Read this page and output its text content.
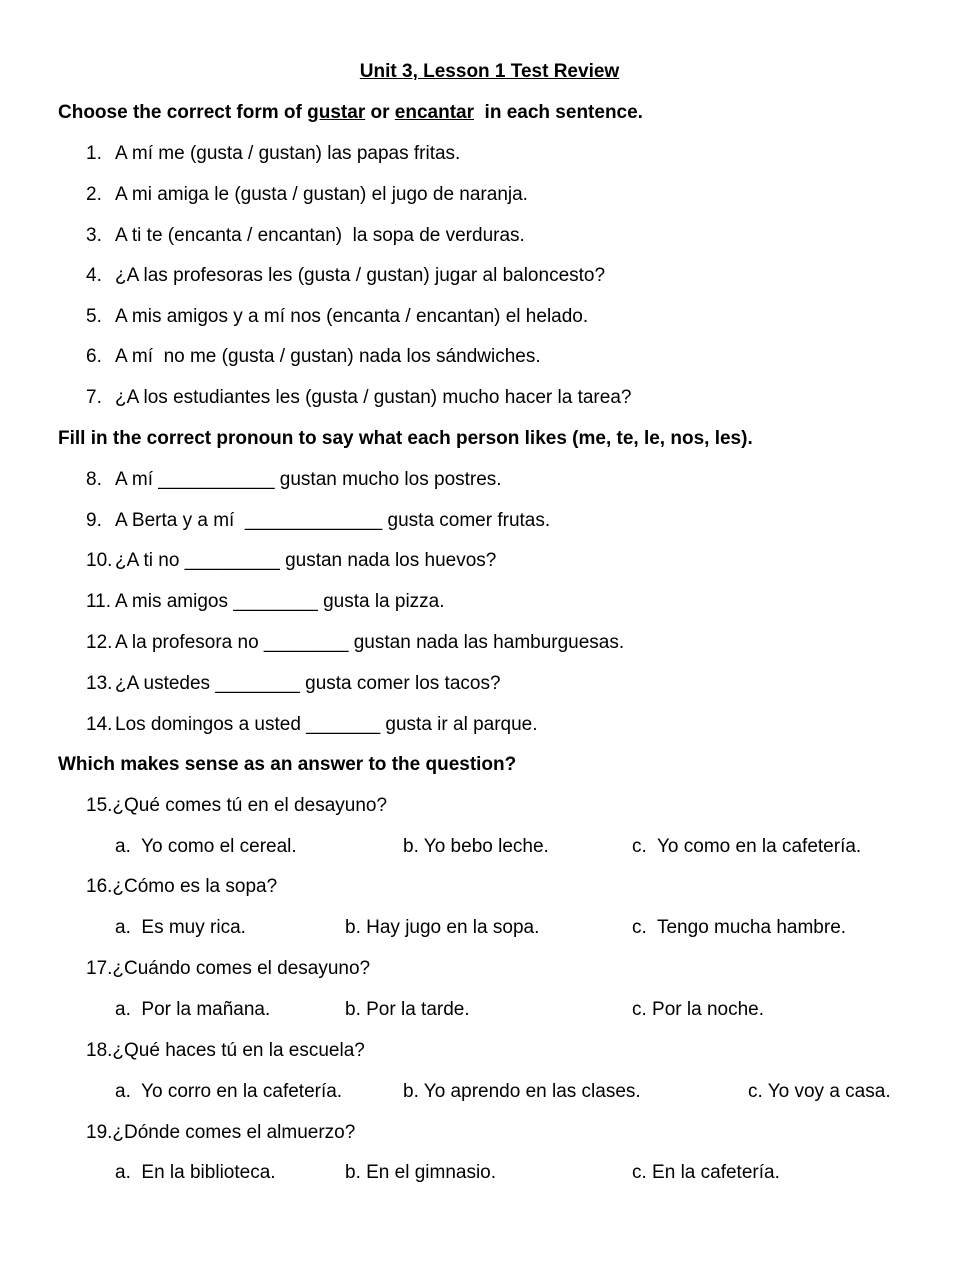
Unit 3, Lesson 1 Test Review
Choose the correct form of gustar or encantar  in each sentence.
1. A mí me (gusta / gustan) las papas fritas.
2. A mi amiga le (gusta / gustan) el jugo de naranja.
3. A ti te (encanta / encantan)  la sopa de verduras.
4. ¿A las profesoras les (gusta / gustan) jugar al baloncesto?
5. A mis amigos y a mí nos (encanta / encantan) el helado.
6. A mí  no me (gusta / gustan) nada los sándwiches.
7. ¿A los estudiantes les (gusta / gustan) mucho hacer la tarea?
Fill in the correct pronoun to say what each person likes (me, te, le, nos, les).
8. A mí ___________ gustan mucho los postres.
9. A Berta y a mí  _____________ gusta comer frutas.
10. ¿A ti no _________ gustan nada los huevos?
11. A mis amigos ________ gusta la pizza.
12. A la profesora no ________ gustan nada las hamburguesas.
13. ¿A ustedes ________ gusta comer los tacos?
14. Los domingos a usted _______ gusta ir al parque.
Which makes sense as an answer to the question?
15.¿Qué comes tú en el desayuno?
a.  Yo como el cereal.	b. Yo bebo leche.	c.  Yo como en la cafetería.
16.¿Cómo es la sopa?
a.  Es muy rica.	b. Hay jugo en la sopa.	c.  Tengo mucha hambre.
17.¿Cuándo comes el desayuno?
a.  Por la mañana.	b. Por la tarde.	c. Por la noche.
18.¿Qué haces tú en la escuela?
a.  Yo corro en la cafetería.	b. Yo aprendo en las clases.	c. Yo voy a casa.
19.¿Dónde comes el almuerzo?
a.  En la biblioteca.	b. En el gimnasio.	c. En la cafetería.
